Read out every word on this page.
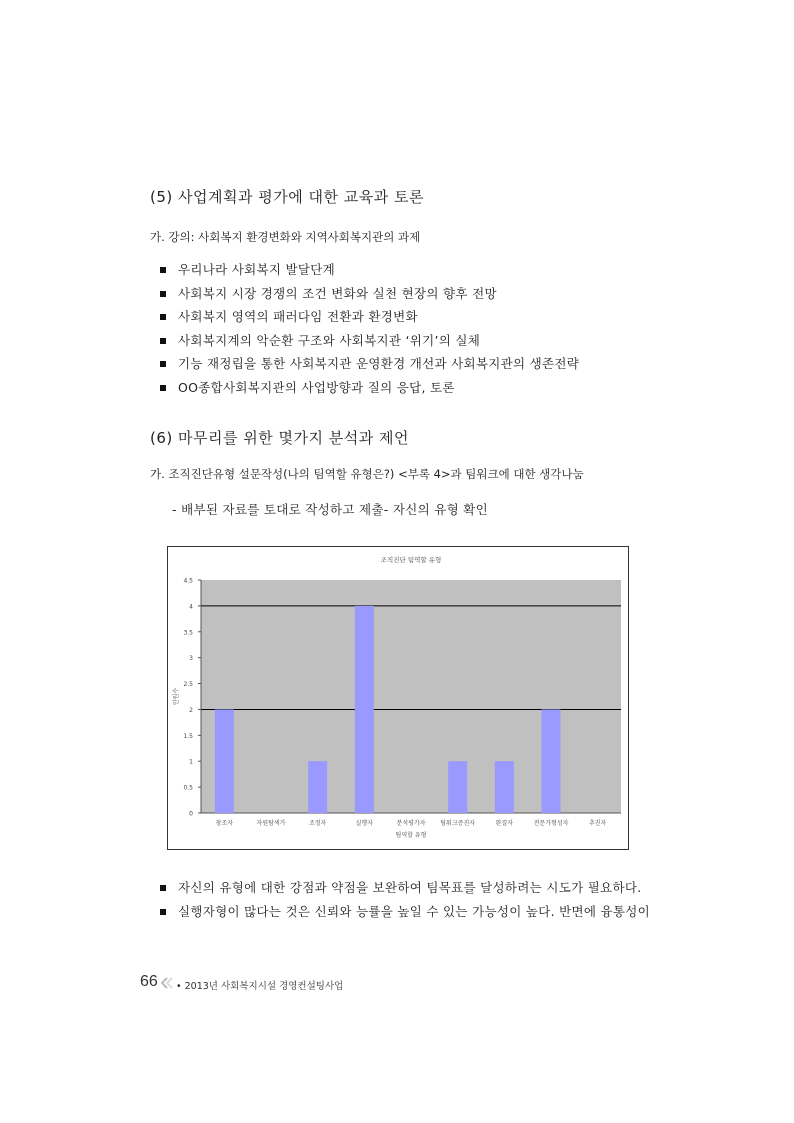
(5) 사업계획과 평가에 대한 교육과 토론
가. 강의: 사회복지 환경변화와 지역사회복지관의 과제
우리나라 사회복지 발달단계
사회복지 시장 경쟁의 조건 변화와 실천 현장의 향후 전망
사회복지 영역의 패러다임 전환과 환경변화
사회복지계의 악순환 구조와 사회복지관 ‘위기’의 실체
기능 재정립을 통한 사회복지관 운영환경 개선과 사회복지관의 생존전략
OO종합사회복지관의 사업방향과 질의 응답, 토론
(6) 마무리를 위한 몇가지 분석과 제언
가. 조직진단유형 설문작성(나의 팀역할 유형은?) <부록 4>과 팀워크에 대한 생각나눔
- 배부된 자료를 토대로 작성하고 제출- 자신의 유형 확인
0
0.5
1
1.5
2
2.5
3
3.5
4
4.5
창조자	자원탐색가	조정자	실행자	분석평가자 팀워크증진자	완결자	전문가형성자	추진자
조직진단 팀역할 유형
팀역할 유형
인원수
자신의 유형에 대한 강점과 약점을 보완하여 팀목표를 달성하려는 시도가 필요하다.
실행자형이 많다는 것은 신뢰와 능률을 높일 수 있는 가능성이 높다. 반면에 융통성이
66 • 2013년 사회복지시설 경영컨설팅사업
